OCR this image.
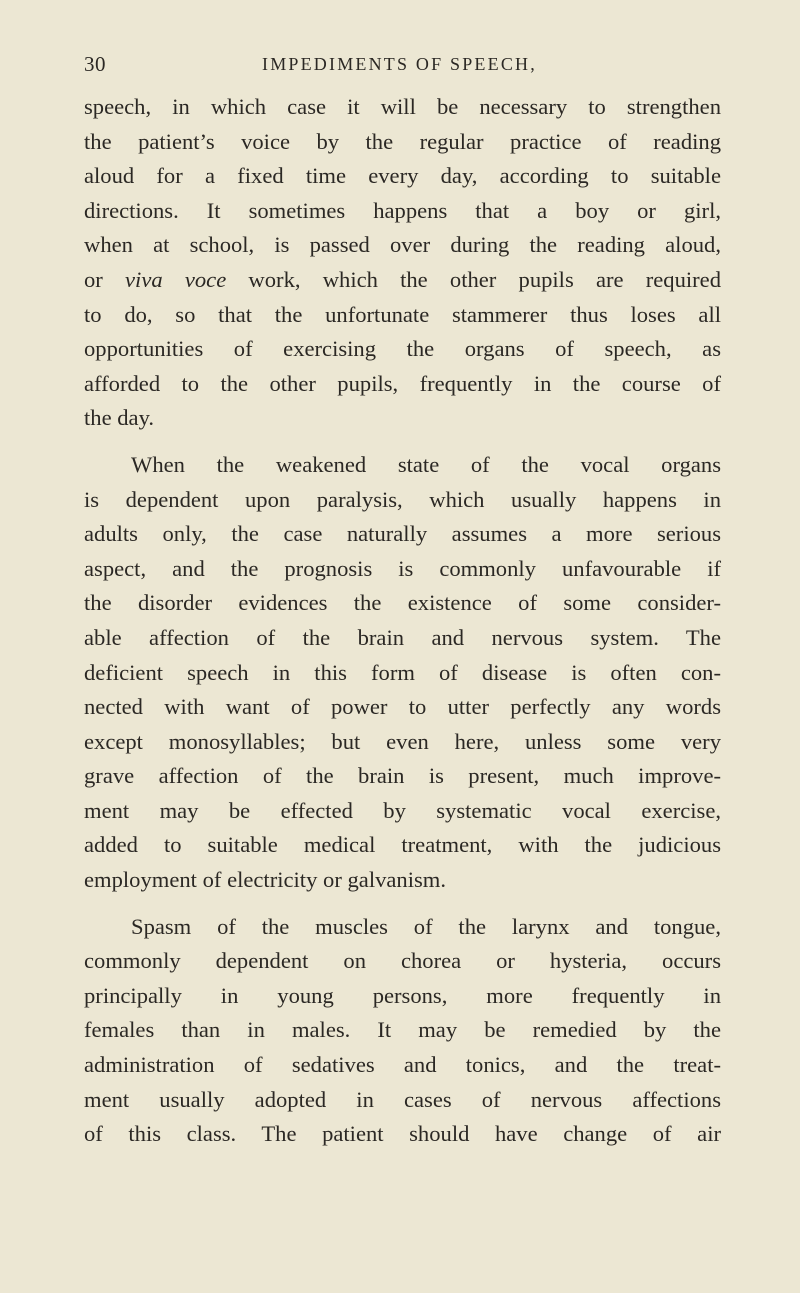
30	IMPEDIMENTS OF SPEECH,
speech, in which case it will be necessary to strengthen
the patient’s voice by the regular practice of reading
aloud for a fixed time every day, according to suitable
directions. It sometimes happens that a boy or girl,
when at school, is passed over during the reading aloud,
or viva voce work, which the other pupils are required
to do, so that the unfortunate stammerer thus loses all
opportunities of exercising the organs of speech, as
afforded to the other pupils, frequently in the course of
the day.
When the weakened state of the vocal organs
is dependent upon paralysis, which usually happens in
adults only, the case naturally assumes a more serious
aspect, and the prognosis is commonly unfavourable if
the disorder evidences the existence of some consider-
able affection of the brain and nervous system. The
deficient speech in this form of disease is often con-
nected with want of power to utter perfectly any words
except monosyllables; but even here, unless some very
grave affection of the brain is present, much improve-
ment may be effected by systematic vocal exercise,
added to suitable medical treatment, with the judicious
employment of electricity or galvanism.
Spasm of the muscles of the larynx and tongue,
commonly dependent on chorea or hysteria, occurs
principally in young persons, more frequently in
females than in males. It may be remedied by the
administration of sedatives and tonics, and the treat-
ment usually adopted in cases of nervous affections
of this class. The patient should have change of air
